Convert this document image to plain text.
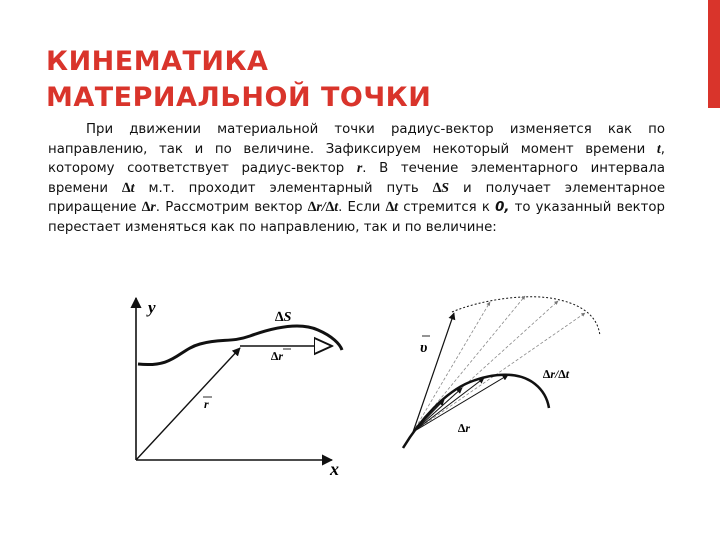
КИНЕМАТИКА
МАТЕРИАЛЬНОЙ ТОЧКИ

При движении материальной точки радиус-вектор изменяется как по направлению, так и по величине. Зафиксируем некоторый момент времени t, которому соответствует радиус-вектор r. В течение элементарного интервала времени ∆t м.т. проходит элементарный путь ∆S и получает элементарное приращение ∆r. Рассмотрим вектор ∆r/∆t. Если ∆t стремится к 0, то указанный вектор перестает изменяться как по направлению, так и по величине:

y
x
∆S
∆r
r
υ
∆r/∆t
∆r
